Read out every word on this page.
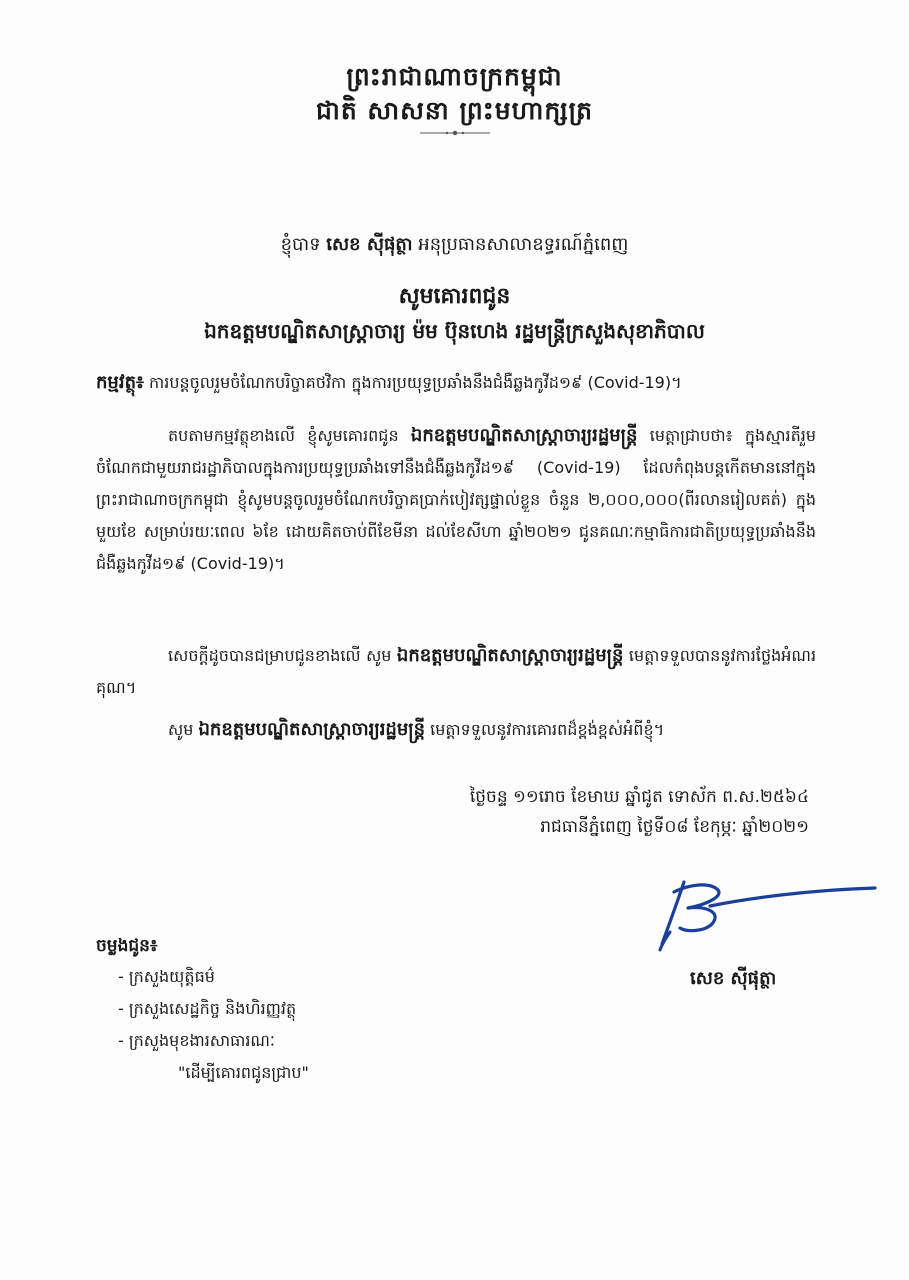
ព្រះរាជាណាចក្រកម្ពុជា
ជាតិ សាសនា ព្រះមហាក្សត្រ
ខ្ញុំបាទ សេខ ស៊ីផុត្ថា អនុប្រធានសាលាឧទ្ធរណ៍ភ្នំពេញ
សូមគោរពជូន
ឯកឧត្តមបណ្ឌិតសាស្ត្រាចារ្យ ម៉ម ប៊ុនហេង រដ្ឋមន្ត្រីក្រសួងសុខាភិបាល
កម្មវត្ថុ៖ ការបន្តចូលរួមចំណែកបរិច្ចាគថវិកា ក្នុងការប្រយុទ្ធប្រឆាំងនឹងជំងឺឆ្លងកូវីដ១៩ (Covid-19)។
តបតាមកម្មវត្ថុខាងលើ ខ្ញុំសូមគោរពជូន ឯកឧត្តមបណ្ឌិតសាស្ត្រាចារ្យរដ្ឋមន្ត្រី មេត្តាជ្រាបថា៖ ក្នុងស្មារតីរួមចំណែកជាមួយរាជរដ្ឋាភិបាលក្នុងការប្រយុទ្ធប្រឆាំងទៅនឹងជំងឺឆ្លងកូវីដ១៩ (Covid-19) ដែលកំពុងបន្តកើតមាននៅក្នុងព្រះរាជាណាចក្រកម្ពុជា ខ្ញុំសូមបន្តចូលរួមចំណែកបរិច្ចាគប្រាក់បៀវត្សផ្ទាល់ខ្លួន ចំនួន ២,០០០,០០០(ពីរលានរៀលគត់) ក្នុងមួយខែ សម្រាប់រយៈពេល ៦ខែ ដោយគិតចាប់ពីខែមីនា ដល់ខែសីហា ឆ្នាំ២០២១ ជូនគណៈកម្មាធិការជាតិប្រយុទ្ធប្រឆាំងនឹងជំងឺឆ្លងកូវីដ១៩ (Covid-19)។
សេចក្តីដូចបានជម្រាបជូនខាងលើ សូម ឯកឧត្តមបណ្ឌិតសាស្ត្រាចារ្យរដ្ឋមន្ត្រី មេត្តាទទួលបាននូវការថ្លែងអំណរគុណ។
សូម ឯកឧត្តមបណ្ឌិតសាស្ត្រាចារ្យរដ្ឋមន្ត្រី មេត្តាទទួលនូវការគោរពដ៏ខ្ពង់ខ្ពស់អំពីខ្ញុំ។
ថ្ងៃចន្ទ ១១រោច ខែមាឃ ឆ្នាំជូត ទោស័ក ព.ស.២៥៦៤
រាជធានីភ្នំពេញ ថ្ងៃទី០៨ ខែកុម្ភៈ ឆ្នាំ២០២១
សេខ ស៊ីផុត្ថា
ចម្លងជូន៖
- ក្រសួងយុត្តិធម៌
- ក្រសួងសេដ្ឋកិច្ច និងហិរញ្ញវត្ថុ
- ក្រសួងមុខងារសាធារណៈ
"ដើម្បីគោរពជូនជ្រាប"
